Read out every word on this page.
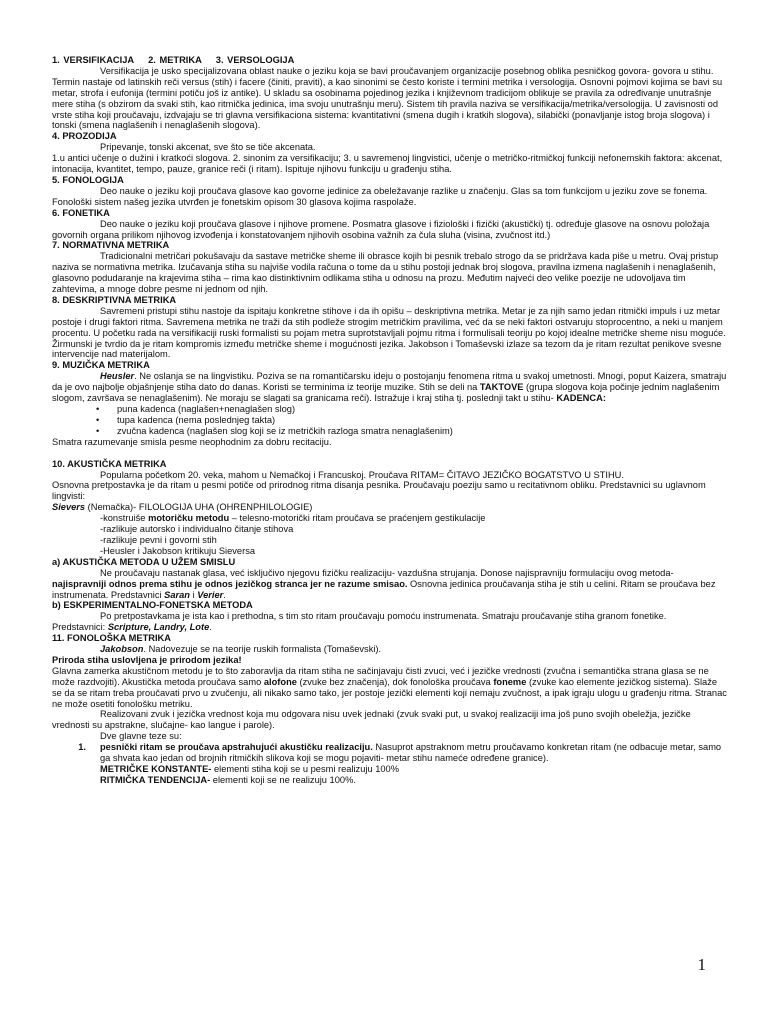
1. VERSIFIKACIJA 2. METRIKA 3. VERSOLOGIJA

Versifikacija je usko specijalizovana oblast nauke o jeziku koja se bavi proučavanjem organizacije posebnog oblika pesničkog govora- govora u stihu. Termin nastaje od latinskih reči versus (stih) i facere (činiti, praviti), a kao sinonimi se često koriste i termini metrika i versologija. Osnovni pojmovi kojima se bavi su metar, strofa i eufonija (termini potiču još iz antike). U skladu sa osobinama pojedinog jezika i književnom tradicijom oblikuje se pravila za određivanje unutrašnje mere stiha (s obzirom da svaki stih, kao ritmička jedinica, ima svoju unutrašnju meru). Sistem tih pravila naziva se versifikacija/metrika/versologija. U zavisnosti od vrste stiha koji proučavaju, izdvajaju se tri glavna versifikaciona sistema: kvantitativni (smena dugih i kratkih slogova), silabički (ponavljanje istog broja slogova) i tonski (smena naglašenih i nenaglašenih slogova).

4. PROZODIJA

Pripevanje, tonski akcenat, sve što se tiče akcenata.

1.u antici učenje o dužini i kratkoći slogova. 2. sinonim za versifikaciju; 3. u savremenoj lingvistici, učenje o metričko-ritmičkoj funkciji nefonemskih faktora: akcenat, intonacija, kvantitet, tempo, pauze, granice reči (i ritam). Ispituje njihovu funkciju u građenju stiha.

5. FONOLOGIJA

Deo nauke o jeziku koji proučava glasove kao govorne jedinice za obeležavanje razlike u značenju. Glas sa tom funkcijom u jeziku zove se fonema. Fonološki sistem našeg jezika utvrđen je fonetskim opisom 30 glasova kojima raspolaže.

6. FONETIKA

Deo nauke o jeziku koji proučava glasove i njihove promene. Posmatra glasove i fiziološki i fizički (akustički) tj. određuje glasove na osnovu položaja govornih organa prilikom njihovog izvođenja i konstatovanjem njihovih osobina važnih za čula sluha (visina, zvučnost itd.)

7. NORMATIVNA METRIKA

Tradicionalni metričari pokušavaju da sastave metričke sheme ili obrasce kojih bi pesnik trebalo strogo da se pridržava kada piše u metru. Ovaj pristup naziva se normativna metrika. Izučavanja stiha su najviše vodila računa o tome da u stihu postoji jednak broj slogova, pravilna izmena naglašenih i nenaglašenih, glasovno podudaranje na krajevima stiha – rima kao distinktivnim odlikama stiha u odnosu na prozu. Međutim najveći deo velike poezije ne udovoljava tim zahtevima, a mnoge dobre pesme ni jednom od njih.

8. DESKRIPTIVNA METRIKA

Savremeni pristupi stihu nastoje da ispitaju konkretne stihove i da ih opišu – deskriptivna metrika. Metar je za njih samo jedan ritmički impuls i uz metar postoje i drugi faktori ritma. Savremena metrika ne traži da stih podleže strogim metričkim pravilima, već da se neki faktori ostvaruju stoprocentno, a neki u manjem procentu. U početku rada na versifikaciji ruski formalisti su pojam metra suprotstavljali pojmu ritma i formulisali teoriju po kojoj idealne metričke sheme nisu moguće. Žirmunski je tvrdio da je ritam kompromis između metričke sheme i mogućnosti jezika. Jakobson i Tomaševski izlaze sa tezom da je ritam rezultat penikove svesne intervencije nad materijalom.

9. MUZIČKA METRIKA

Heusler. Ne oslanja se na lingvistiku. Poziva se na romantičarsku ideju o postojanju fenomena ritma u svakoj umetnosti. Mnogi, poput Kaizera, smatraju da je ovo najbolje objašnjenje stiha dato do danas. Koristi se terminima iz teorije muzike. Stih se deli na TAKTOVE (grupa slogova koja počinje jednim naglašenim slogom, završava se nenaglašenim). Ne moraju se slagati sa granicama reči). Istražuje i kraj stiha tj. poslednji takt u stihu- KADENCA:

• puna kadenca (naglašen+nenaglašen slog)
• tupa kadenca (nema poslednjeg takta)
• zvučna kadenca (naglašen slog koji se iz metričkih razloga smatra nenaglašenim)

Smatra razumevanje smisla pesme neophodnim za dobru recitaciju.

10. AKUSTIČKA METRIKA

Popularna početkom 20. veka, mahom u Nemačkoj i Francuskoj. Proučava RITAM= ČITAVO JEZIČKO BOGATSTVO U STIHU.

Osnovna pretpostavka je da ritam u pesmi potiče od prirodnog ritma disanja pesnika. Proučavaju poeziju samo u recitativnom obliku. Predstavnici su uglavnom lingvisti:

Sievers (Nemačka)- FILOLOGIJA UHA (OHRENPHILOLOGIE)

-konstruiše motoričku metodu – telesno-motorički ritam proučava se praćenjem gestikulacije

-razlikuje autorsko i individualno čitanje stihova

-razlikuje pevni i govorni stih

-Heusler i Jakobson kritikuju Sieversa

a) AKUSTIČKA METODA U UŽEM SMISLU

Ne proučavaju nastanak glasa, već isključivo njegovu fizičku realizaciju- vazdušna strujanja. Donose najispravniju formulaciju ovog metoda-

najispravniji odnos prema stihu je odnos jezičkog stranca jer ne razume smisao. Osnovna jedinica proučavanja stiha je stih u celini. Ritam se proučava bez instrumenata. Predstavnici Saran i Verier.

b) ESKPERIMENTALNO-FONETSKA METODA

Po pretpostavkama je ista kao i prethodna, s tim sto ritam proučavaju pomoću instrumenata. Smatraju proučavanje stiha granom fonetike.

Predstavnici: Scripture, Landry, Lote.

11. FONOLOŠKA METRIKA

Jakobson. Nadovezuje se na teorije ruskih formalista (Tomaševski).

Priroda stiha uslovljena je prirodom jezika!

Glavna zamerka akustičnom metodu je to što zaboravlja da ritam stiha ne sačinjavaju čisti zvuci, već i jezičke vrednosti (zvučna i semantička strana glasa se ne može razdvojiti). Akustička metoda proučava samo alofone (zvuke bez značenja), dok fonološka proučava foneme (zvuke kao elemente jezičkog sistema). Slaže se da se ritam treba proučavati prvo u zvučenju, ali nikako samo tako, jer postoje jezički elementi koji nemaju zvučnost, a ipak igraju ulogu u građenju ritma. Stranac ne može osetiti fonološku metriku.

Realizovani zvuk i jezička vrednost koja mu odgovara nisu uvek jednaki (zvuk svaki put, u svakoj realizaciji ima još puno svojih obeležja, jezičke vrednosti su apstrakne, slučajne- kao langue i parole).

Dve glavne teze su:

1.	pesnički ritam se proučava apstrahujući akustičku realizaciju. Nasuprot apstraknom metru proučavamo konkretan ritam (ne odbacuje metar, samo ga shvata kao jedan od brojnih ritmičkih slikova koji se mogu pojaviti- metar stihu nameće određene granice).

METRIČKE KONSTANTE- elementi stiha koji se u pesmi realizuju 100%

RITMIČKA TENDENCIJA- elementi koji se ne realizuju 100%.

1
